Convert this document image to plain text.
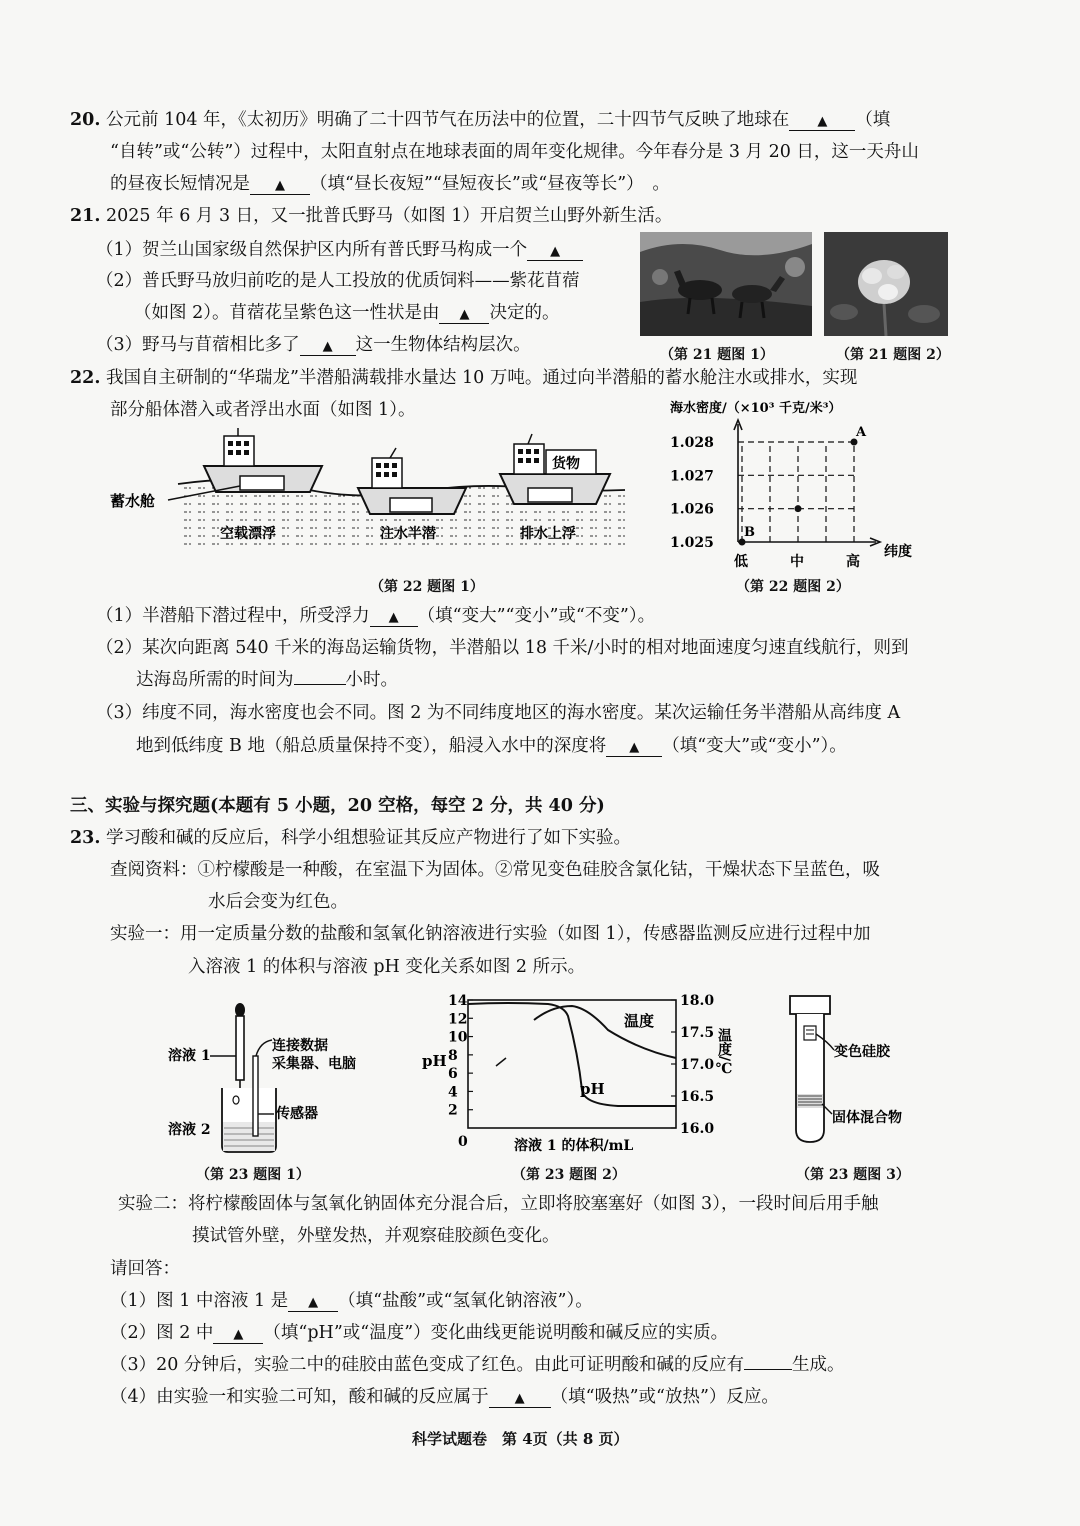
20. 公元前 104 年，《太初历》明确了二十四节气在历法中的位置，二十四节气反映了地球在 ▲ （填
“自转”或“公转”）过程中，太阳直射点在地球表面的周年变化规律。今年春分是 3 月 20 日，这一天舟山
的昼夜长短情况是 ▲ （填“昼长夜短”“昼短夜长”或“昼夜等长”）　。
21. 2025 年 6 月 3 日，又一批普氏野马（如图 1）开启贺兰山野外新生活。
（1）贺兰山国家级自然保护区内所有普氏野马构成一个 ▲
（2）普氏野马放归前吃的是人工投放的优质饲料——紫花苜蓿
（如图 2）。苜蓿花呈紫色这一性状是由 ▲ 决定的。
（3）野马与苜蓿相比多了 ▲ 这一生物体结构层次。	（第 21 题图 1）	（第 21 题图 2）
22. 我国自主研制的“华瑞龙”半潜船满载排水量达 10 万吨。通过向半潜船的蓄水舱注水或排水，实现
部分船体潜入或者浮出水面（如图 1）。
蓄水舱
货物
空载漂浮	注水半潜	排水上浮
（第 22 题图 1）
海水密度/（×10³ 千克/米³）
纬度
1.025
1.026
1.027
1.028
低	中	高
B
A
（第 22 题图 2）
（1）半潜船下潜过程中，所受浮力 ▲ （填“变大”“变小”或“不变”）。
（2）某次向距离 540 千米的海岛运输货物，半潜船以 18 千米/小时的相对地面速度匀速直线航行，则到
达海岛所需的时间为	小时。
（3）纬度不同，海水密度也会不同。图 2 为不同纬度地区的海水密度。某次运输任务半潜船从高纬度 A
地到低纬度 B 地（船总质量保持不变），船浸入水中的深度将 ▲ （填“变大”或“变小”）。
三、实验与探究题(本题有 5 小题，20 空格，每空 2 分，共 40 分)
23. 学习酸和碱的反应后，科学小组想验证其反应产物进行了如下实验。
查阅资料：①柠檬酸是一种酸，在室温下为固体。②常见变色硅胶含氯化钴，干燥状态下呈蓝色，吸
水后会变为红色。
实验一：用一定质量分数的盐酸和氢氧化钠溶液进行实验（如图 1），传感器监测反应进行过程中加
入溶液 1 的体积与溶液 pH 变化关系如图 2 所示。
溶液 1
连接数据
采集器、电脑
传感器
溶液 2
（第 23 题图 1）
2
4
6
8
10
12
14
16.0
16.5
17.0
17.5
18.0
pH
0	溶液 1 的体积/mL
温度/℃
温度
pH
（第 23 题图 2）
变色硅胶
固体混合物
（第 23 题图 3）
实验二：将柠檬酸固体与氢氧化钠固体充分混合后，立即将胶塞塞好（如图 3），一段时间后用手触
摸试管外壁，外壁发热，并观察硅胶颜色变化。
请回答：
（1）图 1 中溶液 1 是 ▲ （填“盐酸”或“氢氧化钠溶液”）。
（2）图 2 中 ▲ （填“pH”或“温度”）变化曲线更能说明酸和碱反应的实质。
（3）20 分钟后，实验二中的硅胶由蓝色变成了红色。由此可证明酸和碱的反应有	生成。
（4）由实验一和实验二可知，酸和碱的反应属于 ▲ （填“吸热”或“放热”）反应。
科学试题卷　第 4页（共 8 页）
